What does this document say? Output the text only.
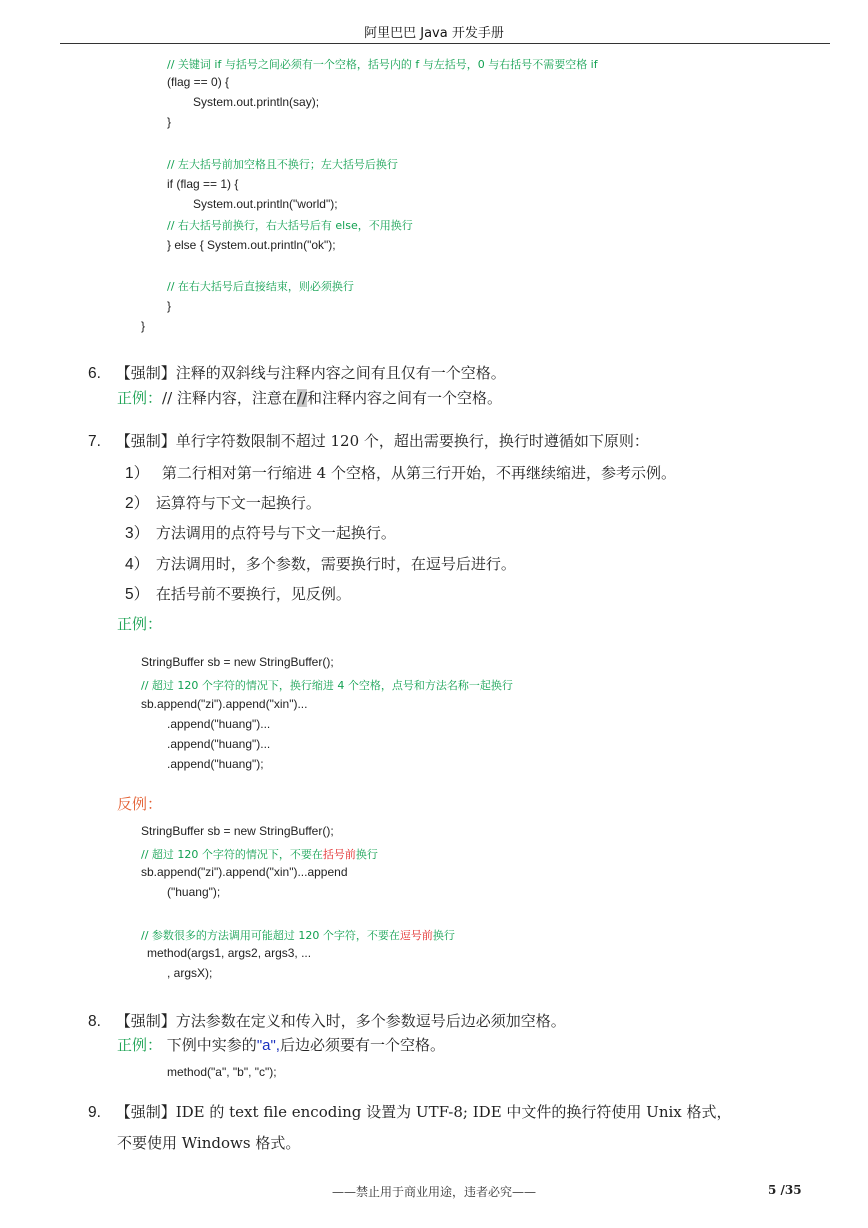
阿里巴巴 Java 开发手册
// 关键词 if 与括号之间必须有一个空格，括号内的 f 与左括号，0 与右括号不需要空格 if
(flag == 0) {
System.out.println(say);
}
// 左大括号前加空格且不换行；左大括号后换行
if (flag == 1) {
System.out.println("world");
// 右大括号前换行，右大括号后有 else，不用换行
} else { System.out.println("ok");
// 在右大括号后直接结束，则必须换行
}
}
6. 【强制】注释的双斜线与注释内容之间有且仅有一个空格。
正例：// 注释内容，注意在//和注释内容之间有一个空格。
7. 【强制】单行字符数限制不超过 120 个，超出需要换行，换行时遵循如下原则：
1） 第二行相对第一行缩进 4 个空格，从第三行开始，不再继续缩进，参考示例。
2） 运算符与下文一起换行。
3） 方法调用的点符号与下文一起换行。
4） 方法调用时，多个参数，需要换行时，在逗号后进行。
5） 在括号前不要换行，见反例。
正例：
StringBuffer sb = new StringBuffer();
// 超过 120 个字符的情况下，换行缩进 4 个空格，点号和方法名称一起换行
sb.append("zi").append("xin")...
.append("huang")...
.append("huang")...
.append("huang");
反例：
StringBuffer sb = new StringBuffer();
// 超过 120 个字符的情况下，不要在括号前换行
sb.append("zi").append("xin")...append
("huang");
// 参数很多的方法调用可能超过 120 个字符，不要在逗号前换行
method(args1, args2, args3, ...
, argsX);
8. 【强制】方法参数在定义和传入时，多个参数逗号后边必须加空格。
正例： 下例中实参的"a",后边必须要有一个空格。
method("a", "b", "c");
9. 【强制】IDE 的 text file encoding 设置为 UTF-8; IDE 中文件的换行符使用 Unix 格式，
不要使用 Windows 格式。
——禁止用于商业用途，违者必究——	5 /35
